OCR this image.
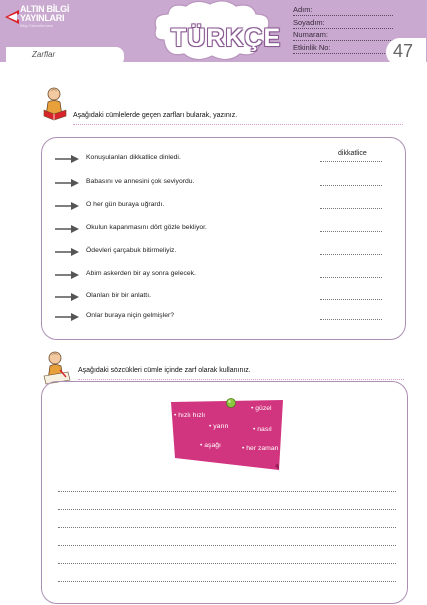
ALTIN BİLGİ
YAYINLARI
Bilgi Güncellemesi
6 SINIF
TÜRKÇE
Adım:
Soyadım:
Numaram:
Etkinlik No:	47
Zarflar
Aşağıdaki cümlelerde geçen zarfları bularak, yazınız.
Konuşulanları dikkatlice dinledi.
Babasını ve annesini çok seviyordu.
O her gün buraya uğrardı.
Okulun kapanmasını dört gözle bekliyor.
Ödevleri çarçabuk bitirmeliyiz.
Abim askerden bir ay sonra gelecek.
Olanları bir bir anlattı.
Onlar buraya niçin gelmişler?
dikkatlice
Aşağıdaki sözcükleri cümle içinde zarf olarak kullanınız.
• hızlı hızlı
• güzel
• yarın	• nasıl
• aşağı	• her zaman
